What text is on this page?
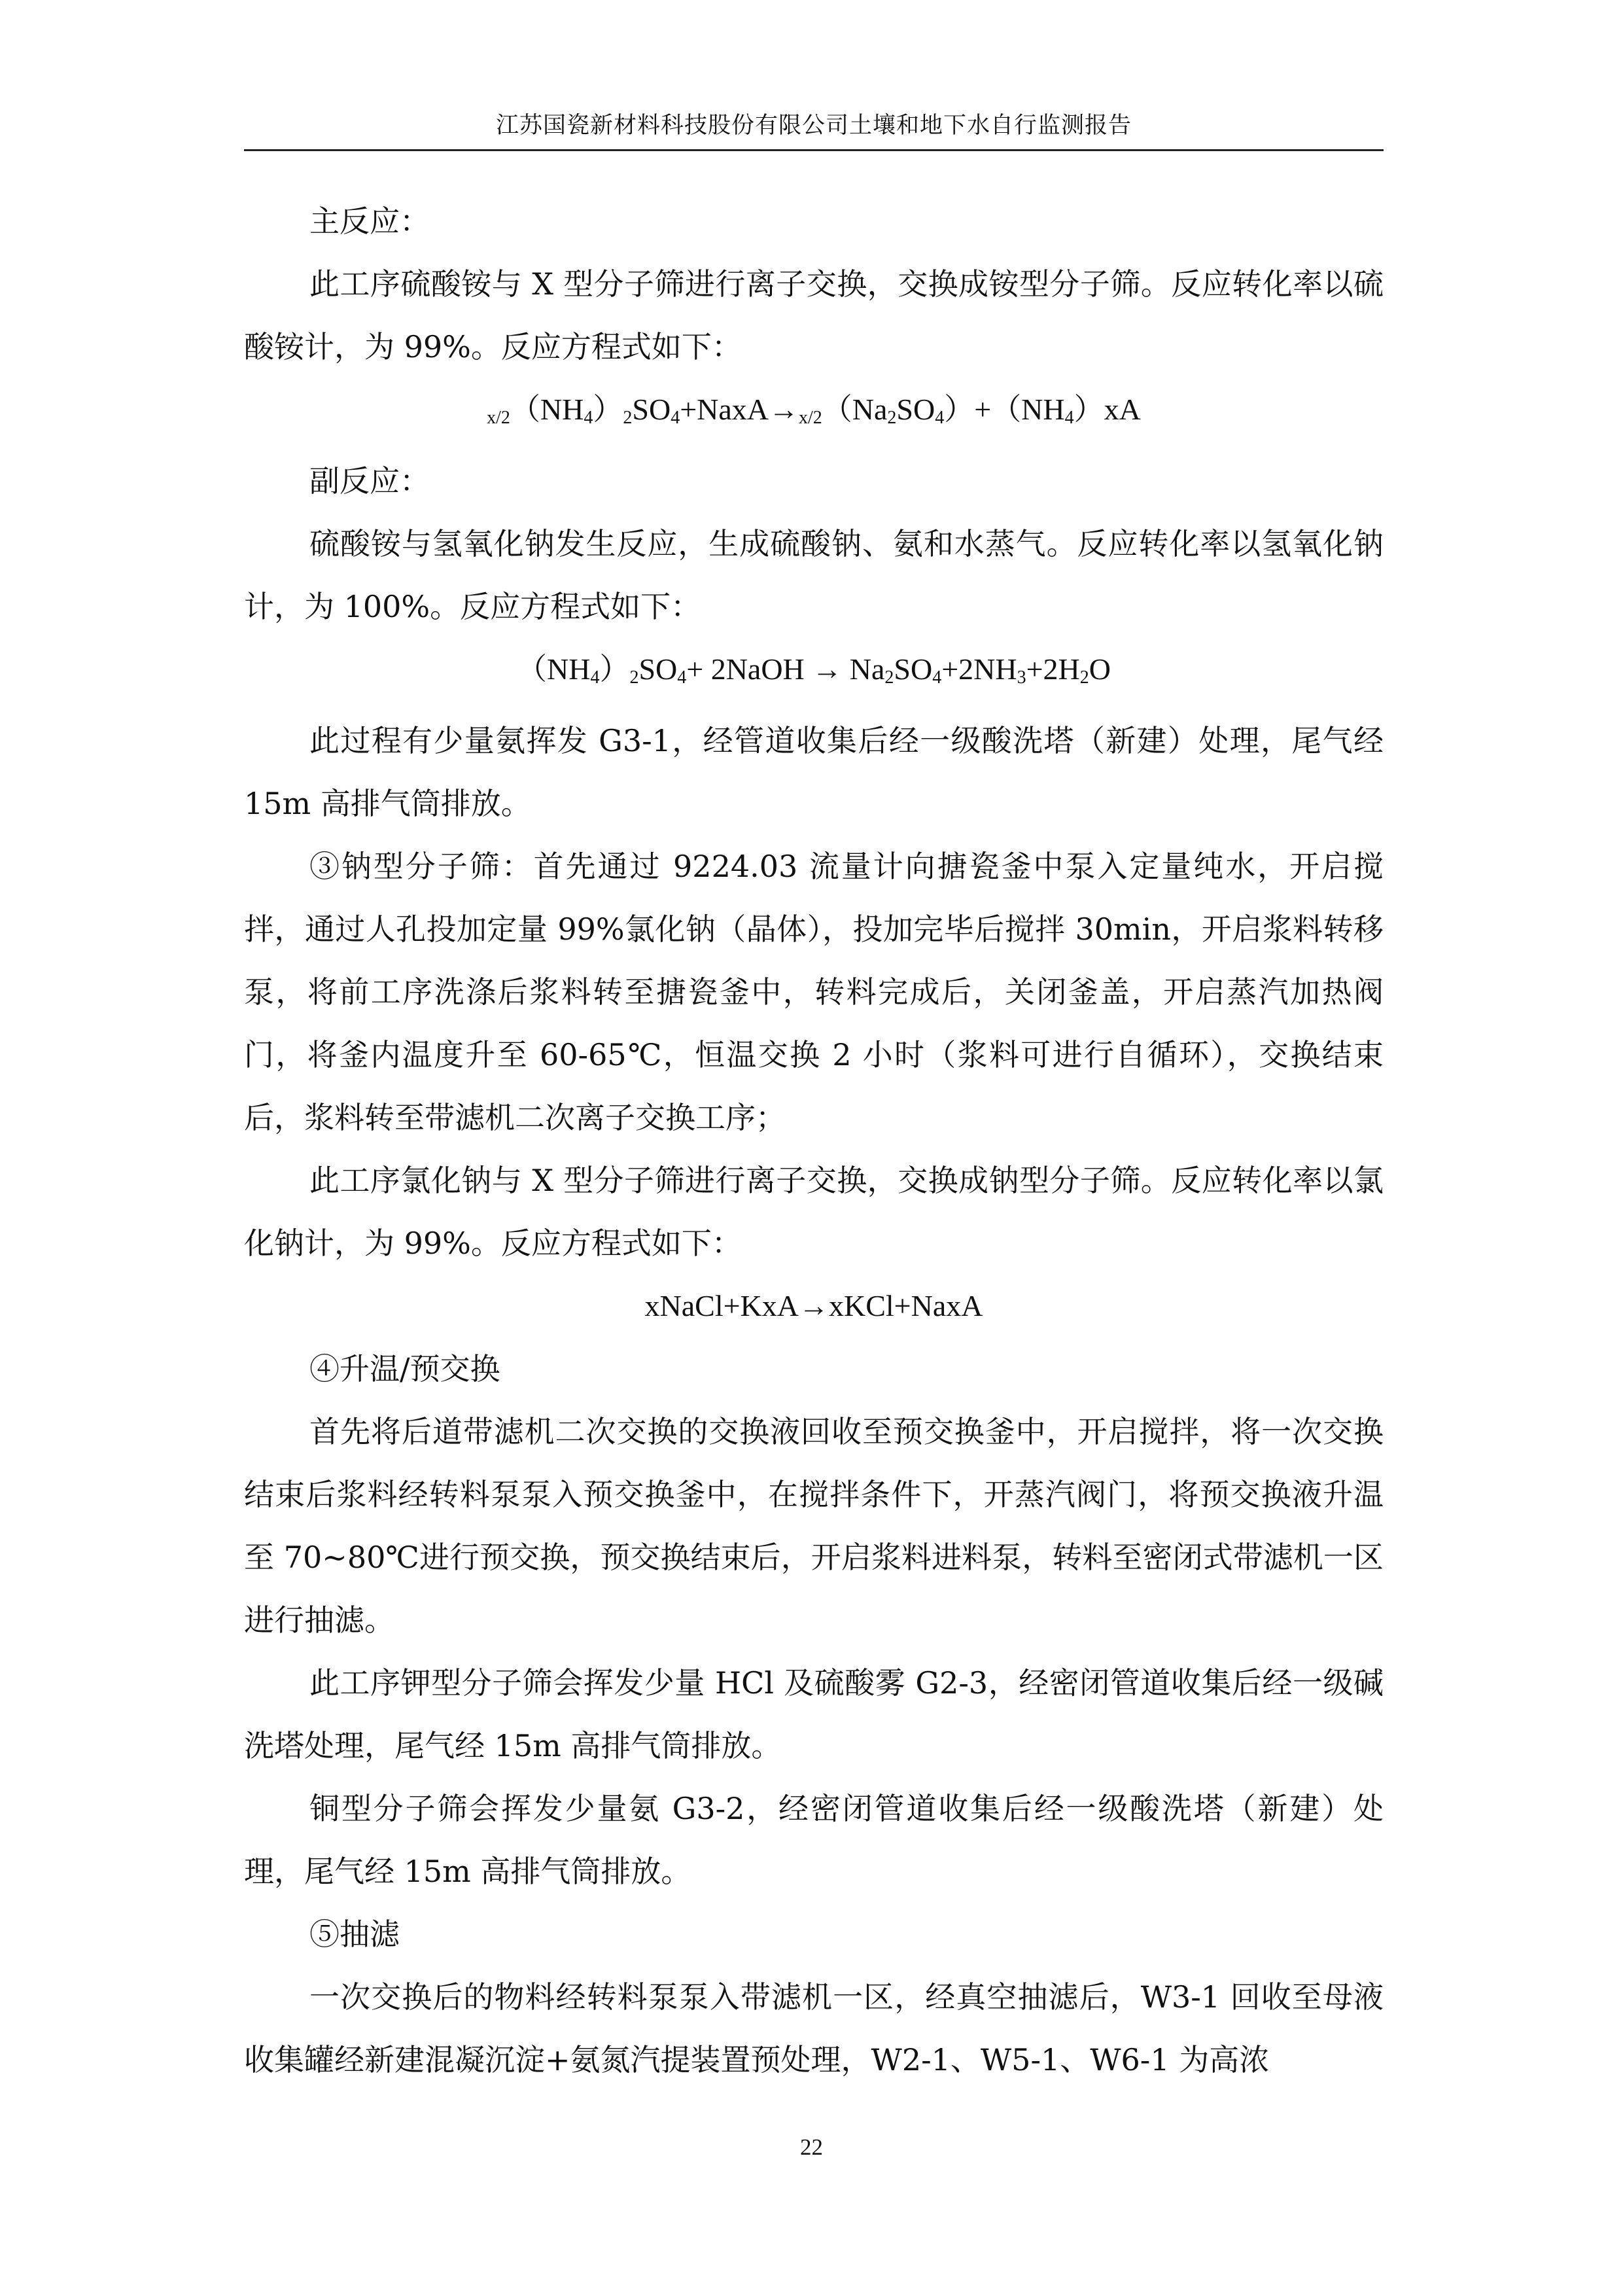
江苏国瓷新材料科技股份有限公司土壤和地下水自行监测报告

主反应：

此工序硫酸铵与 X 型分子筛进行离子交换，交换成铵型分子筛。反应转化率以硫酸铵计，为 99%。反应方程式如下：

$x/2(NH_4)_2SO_4+NaxA\to x/2(Na_2SO_4)+(NH_4)xA$

副反应：

硫酸铵与氢氧化钠发生反应，生成硫酸钠、氨和水蒸气。反应转化率以氢氧化钠计，为 100%。反应方程式如下：

$(NH_4)_2SO_4+$ 2NaOH → $Na_2SO_4+2NH_3+2H_2O$

此过程有少量氨挥发 G3-1，经管道收集后经一级酸洗塔（新建）处理，尾气经 15m 高排气筒排放。

③钠型分子筛：首先通过 9224.03 流量计向搪瓷釜中泵入定量纯水，开启搅拌，通过人孔投加定量 99%氯化钠（晶体），投加完毕后搅拌 30min，开启浆料转移泵，将前工序洗涤后浆料转至搪瓷釜中，转料完成后，关闭釜盖，开启蒸汽加热阀门，将釜内温度升至 60-65℃，恒温交换 2 小时（浆料可进行自循环），交换结束后，浆料转至带滤机二次离子交换工序；

此工序氯化钠与 X 型分子筛进行离子交换，交换成钠型分子筛。反应转化率以氯化钠计，为 99%。反应方程式如下：

xNaCl+KxA→xKCl+NaxA

④升温/预交换

首先将后道带滤机二次交换的交换液回收至预交换釜中，开启搅拌，将一次交换结束后浆料经转料泵泵入预交换釜中，在搅拌条件下，开蒸汽阀门，将预交换液升温至 70~80℃进行预交换，预交换结束后，开启浆料进料泵，转料至密闭式带滤机一区进行抽滤。

此工序钾型分子筛会挥发少量 HCl 及硫酸雾 G2-3，经密闭管道收集后经一级碱洗塔处理，尾气经 15m 高排气筒排放。

铜型分子筛会挥发少量氨 G3-2，经密闭管道收集后经一级酸洗塔（新建）处理，尾气经 15m 高排气筒排放。

⑤抽滤

一次交换后的物料经转料泵泵入带滤机一区，经真空抽滤后，W3-1 回收至母液收集罐经新建混凝沉淀+氨氮汽提装置预处理，W2-1、W5-1、W6-1 为高浓

22
